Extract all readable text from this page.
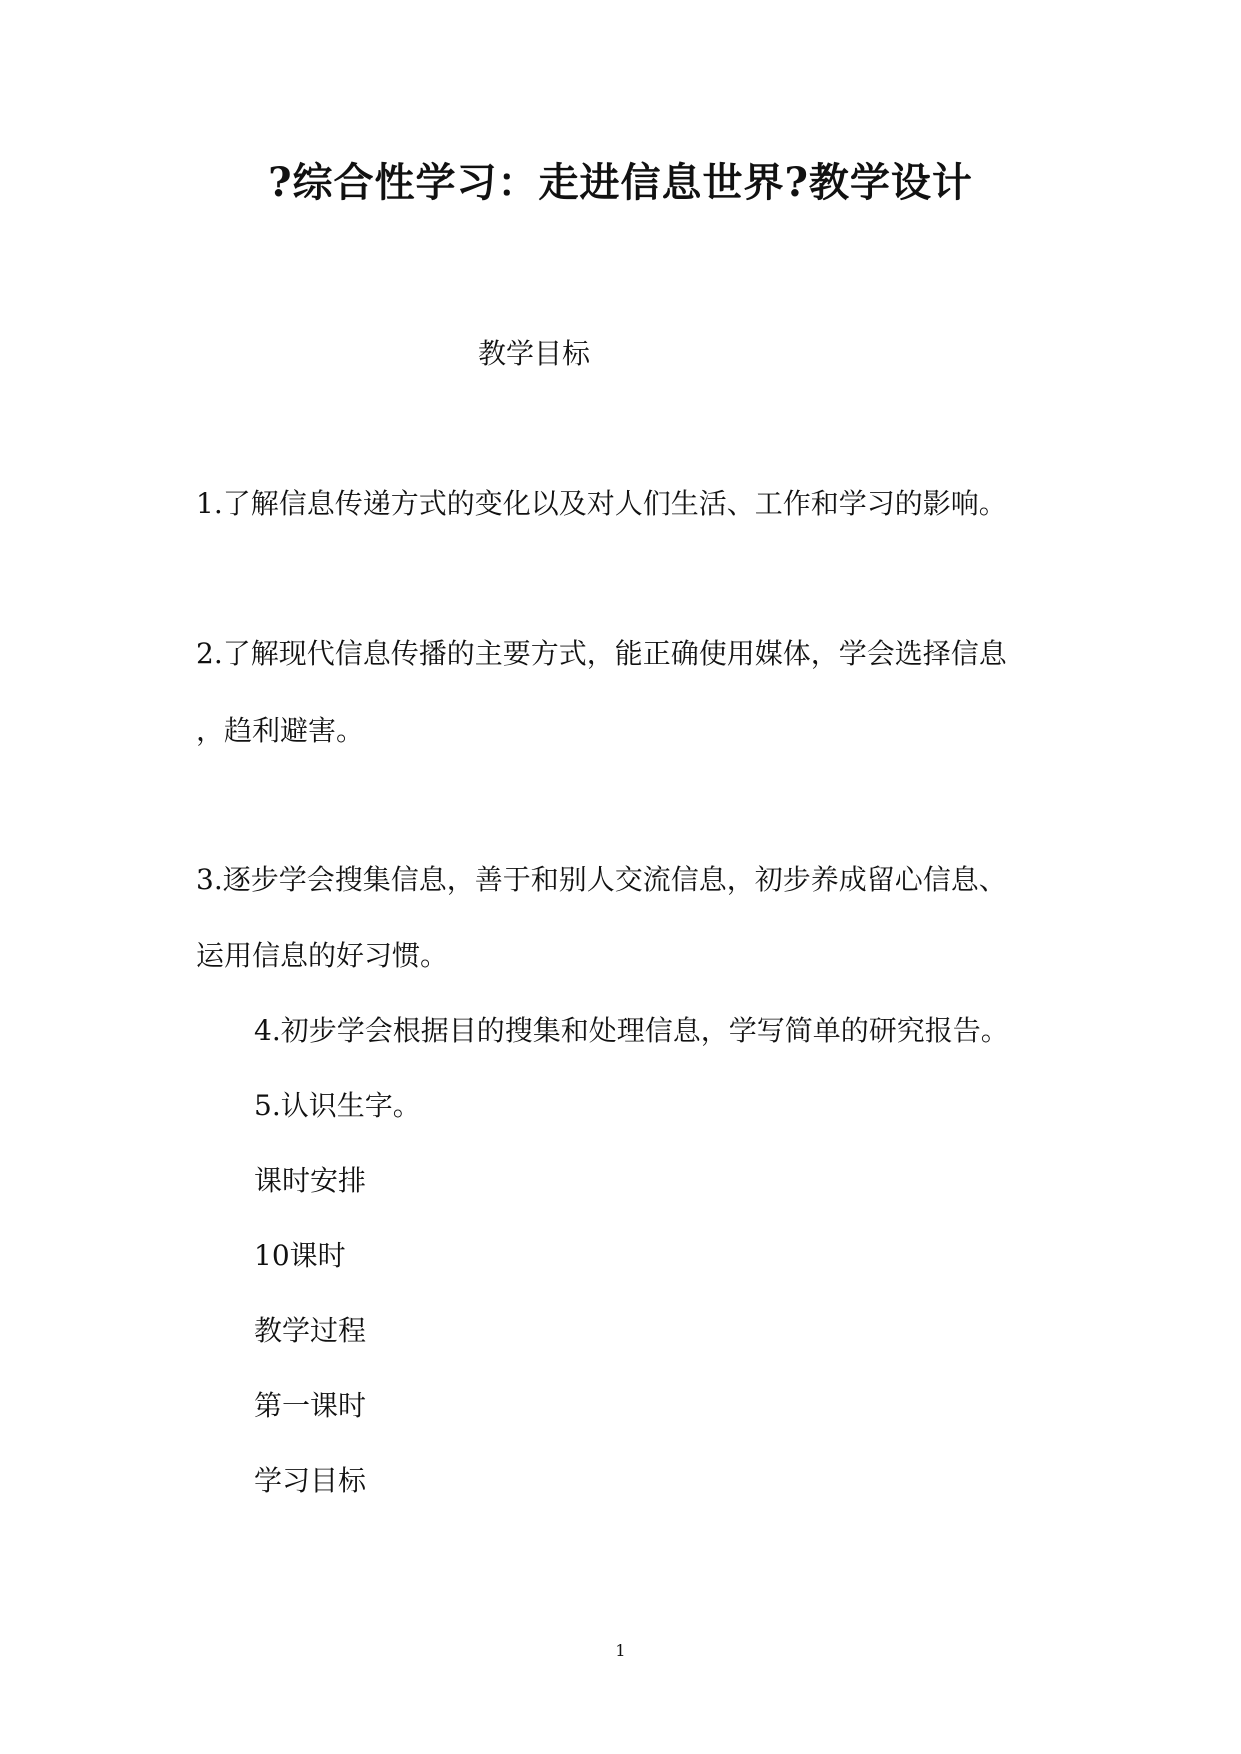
?综合性学习：走进信息世界?教学设计
教学目标
1.了解信息传递方式的变化以及对人们生活、工作和学习的影响。
2.了解现代信息传播的主要方式，能正确使用媒体，学会选择信息
，趋利避害。
3.逐步学会搜集信息，善于和别人交流信息，初步养成留心信息、
运用信息的好习惯。
4.初步学会根据目的搜集和处理信息，学写简单的研究报告。
5.认识生字。
课时安排
10课时
教学过程
第一课时
学习目标
1
